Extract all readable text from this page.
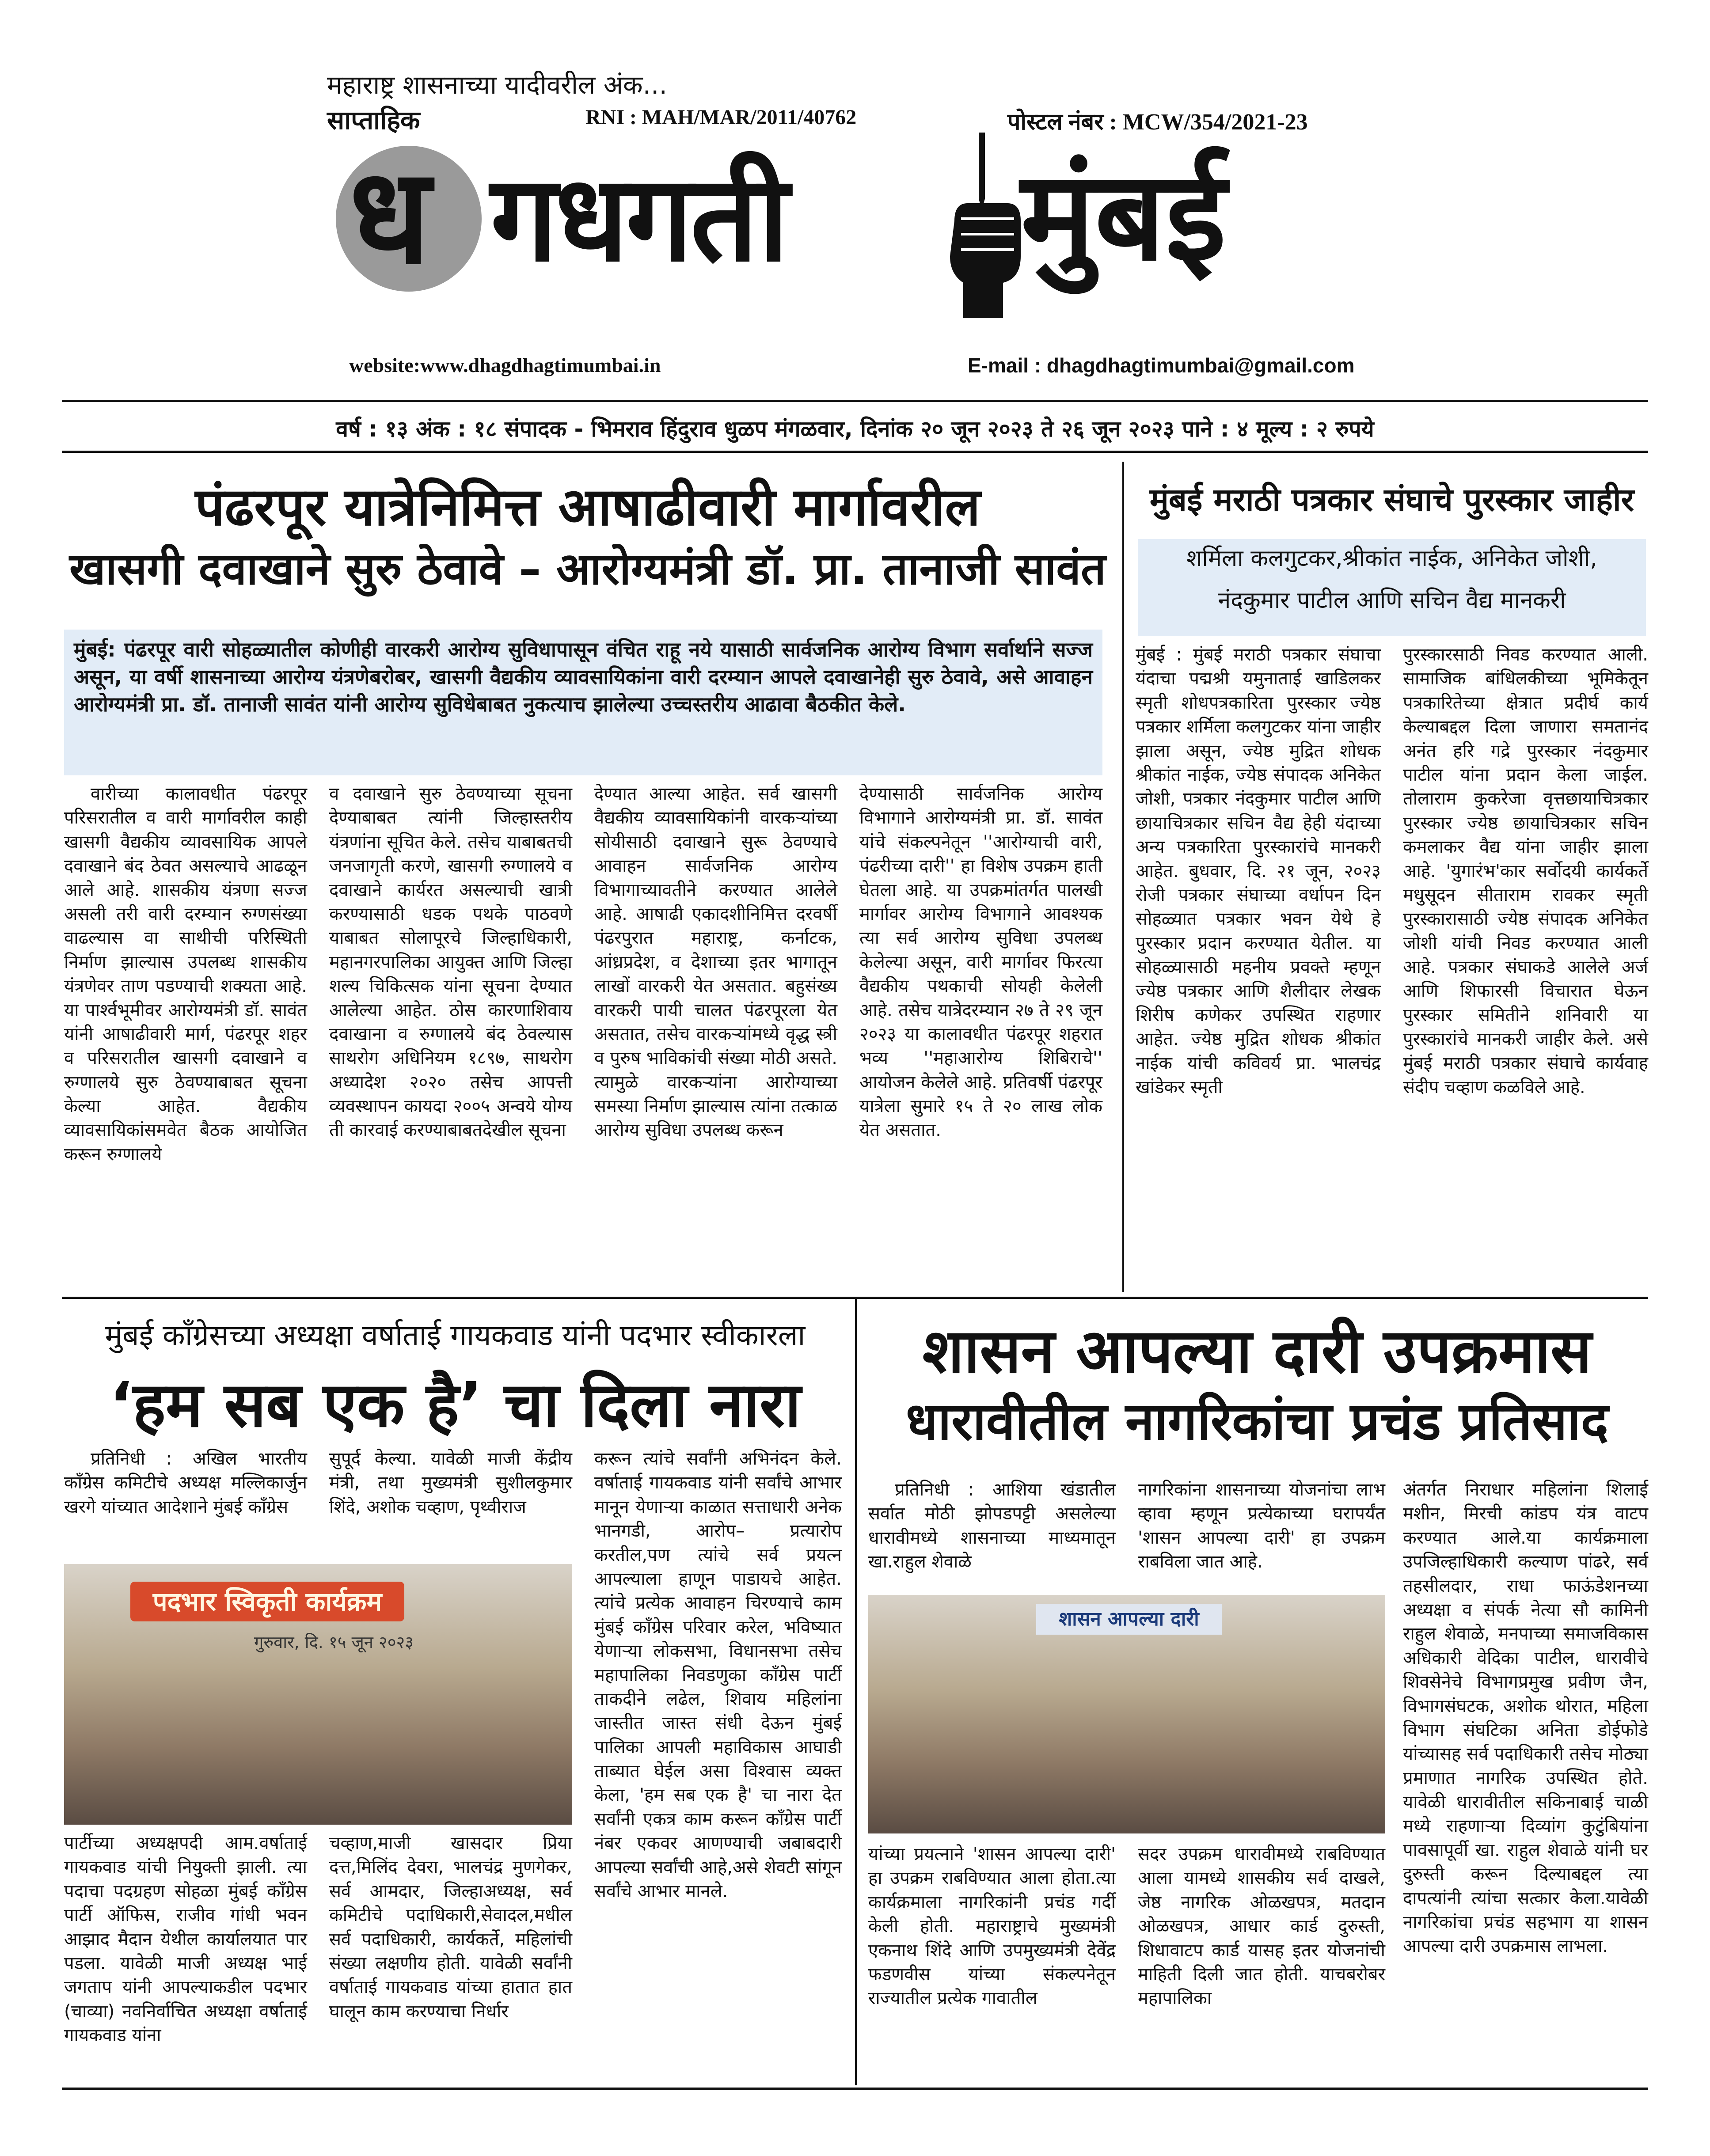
महाराष्ट्र शासनाच्या यादीवरील अंक...
साप्ताहिक	RNI : MAH/MAR/2011/40762	पोस्टल नंबर : MCW/354/2021-23
ध गधगती मुंबई
website:www.dhagdhagtimumbai.in	E-mail : dhagdhagtimumbai@gmail.com
वर्ष : १३ अंक : १८ संपादक - भिमराव हिंदुराव धुळप मंगळवार, दिनांक २० जून २०२३ ते २६ जून २०२३ पाने : ४ मूल्य : २ रुपये
पंढरपूर यात्रेनिमित्त आषाढीवारी मार्गावरील
खासगी दवाखाने सुरु ठेवावे – आरोग्यमंत्री डॉ. प्रा. तानाजी सावंत
मुंबई: पंढरपूर वारी सोहळ्यातील कोणीही वारकरी आरोग्य सुविधापासून वंचित राहू नये यासाठी सार्वजनिक आरोग्य विभाग सर्वार्थाने सज्ज असून, या वर्षी शासनाच्या आरोग्य यंत्रणेबरोबर, खासगी वैद्यकीय व्यावसायिकांना वारी दरम्यान आपले दवाखानेही सुरु ठेवावे, असे आवाहन आरोग्यमंत्री प्रा. डॉ. तानाजी सावंत यांनी आरोग्य सुविधेबाबत नुकत्याच झालेल्या उच्चस्तरीय आढावा बैठकीत केले.

वारीच्या कालावधीत पंढरपूर परिसरातील व वारी मार्गावरील काही खासगी वैद्यकीय व्यावसायिक आपले दवाखाने बंद ठेवत असल्याचे आढळून आले आहे. शासकीय यंत्रणा सज्ज असली तरी वारी दरम्यान रुग्णसंख्या वाढल्यास वा साथीची परिस्थिती निर्माण झाल्यास उपलब्ध शासकीय यंत्रणेवर ताण पडण्याची शक्यता आहे. या पार्श्वभूमीवर आरोग्यमंत्री डॉ. सावंत यांनी आषाढीवारी मार्ग, पंढरपूर शहर व परिसरातील खासगी दवाखाने व रुग्णालये सुरु ठेवण्याबाबत सूचना केल्या आहेत. वैद्यकीय व्यावसायिकांसमवेत बैठक आयोजित करून रुग्णालये

व दवाखाने सुरु ठेवण्याच्या सूचना देण्याबाबत त्यांनी जिल्हास्तरीय यंत्रणांना सूचित केले. तसेच याबाबतची जनजागृती करणे, खासगी रुग्णालये व दवाखाने कार्यरत असल्याची खात्री करण्यासाठी धडक पथके पाठवणे याबाबत सोलापूरचे जिल्हाधिकारी, महानगरपालिका आयुक्त आणि जिल्हा शल्य चिकित्सक यांना सूचना देण्यात आलेल्या आहेत. ठोस कारणाशिवाय दवाखाना व रुग्णालये बंद ठेवल्यास साथरोग अधिनियम १८९७, साथरोग अध्यादेश २०२० तसेच आपत्ती व्यवस्थापन कायदा २००५ अन्वये योग्य ती कारवाई करण्याबाबतदेखील सूचना

देण्यात आल्या आहेत. सर्व खासगी वैद्यकीय व्यावसायिकांनी वारकऱ्यांच्या सोयीसाठी दवाखाने सुरू ठेवण्याचे आवाहन सार्वजनिक आरोग्य विभागाच्यावतीने करण्यात आलेले आहे. आषाढी एकादशीनिमित्त दरवर्षी पंढरपुरात महाराष्ट्र, कर्नाटक, आंध्रप्रदेश, व देशाच्या इतर भागातून लाखों वारकरी येत असतात. बहुसंख्य वारकरी पायी चालत पंढरपूरला येत असतात, तसेच वारकऱ्यांमध्ये वृद्ध स्त्री व पुरुष भाविकांची संख्या मोठी असते. त्यामुळे वारकऱ्यांना आरोग्याच्या समस्या निर्माण झाल्यास त्यांना तत्काळ आरोग्य सुविधा उपलब्ध करून

देण्यासाठी सार्वजनिक आरोग्य विभागाने आरोग्यमंत्री प्रा. डॉ. सावंत यांचे संकल्पनेतून ''आरोग्याची वारी, पंढरीच्या दारी'' हा विशेष उपक्रम हाती घेतला आहे. या उपक्रमांतर्गत पालखी मार्गावर आरोग्य विभागाने आवश्यक त्या सर्व आरोग्य सुविधा उपलब्ध केलेल्या असून, वारी मार्गावर फिरत्या वैद्यकीय पथकाची सोयही केलेली आहे. तसेच यात्रेदरम्यान २७ ते २९ जून २०२३ या कालावधीत पंढरपूर शहरात भव्य ''महाआरोग्य शिबिराचे'' आयोजन केलेले आहे. प्रतिवर्षी पंढरपूर यात्रेला सुमारे १५ ते २० लाख लोक येत असतात.

मुंबई मराठी पत्रकार संघाचे पुरस्कार जाहीर
शर्मिला कलगुटकर,श्रीकांत नाईक, अनिकेत जोशी,
नंदकुमार पाटील आणि सचिन वैद्य मानकरी

मुंबई : मुंबई मराठी पत्रकार संघाचा यंदाचा पद्मश्री यमुनाताई खाडिलकर स्मृती शोधपत्रकारिता पुरस्कार ज्येष्ठ पत्रकार शर्मिला कलगुटकर यांना जाहीर झाला असून, ज्येष्ठ मुद्रित शोधक श्रीकांत नाईक, ज्येष्ठ संपादक अनिकेत जोशी, पत्रकार नंदकुमार पाटील आणि छायाचित्रकार सचिन वैद्य हेही यंदाच्या अन्य पत्रकारिता पुरस्कारांचे मानकरी आहेत. बुधवार, दि. २१ जून, २०२३ रोजी पत्रकार संघाच्या वर्धापन दिन सोहळ्यात पत्रकार भवन येथे हे पुरस्कार प्रदान करण्यात येतील. या सोहळ्यासाठी महनीय प्रवक्ते म्हणून ज्येष्ठ पत्रकार आणि शैलीदार लेखक शिरीष कणेकर उपस्थित राहणार आहेत. ज्येष्ठ मुद्रित शोधक श्रीकांत नाईक यांची कविवर्य प्रा. भालचंद्र खांडेकर स्मृती

पुरस्कारसाठी निवड करण्यात आली. सामाजिक बांधिलकीच्या भूमिकेतून पत्रकारितेच्या क्षेत्रात प्रदीर्घ कार्य केल्याबद्दल दिला जाणारा समतानंद अनंत हरि गद्रे पुरस्कार नंदकुमार पाटील यांना प्रदान केला जाईल. तोलाराम कुकरेजा वृत्तछायाचित्रकार पुरस्कार ज्येष्ठ छायाचित्रकार सचिन कमलाकर वैद्य यांना जाहीर झाला आहे. 'युगारंभ'कार सर्वोदयी कार्यकर्ते मधुसूदन सीताराम रावकर स्मृती पुरस्कारासाठी ज्येष्ठ संपादक अनिकेत जोशी यांची निवड करण्यात आली आहे. पत्रकार संघाकडे आलेले अर्ज आणि शिफारसी विचारात घेऊन पुरस्कार समितीने शनिवारी या पुरस्कारांचे मानकरी जाहीर केले. असे मुंबई मराठी पत्रकार संघाचे कार्यवाह संदीप चव्हाण कळविले आहे.

मुंबई काँग्रेसच्या अध्यक्षा वर्षाताई गायकवाड यांनी पदभार स्वीकारला
‘हम सब एक है’ चा दिला नारा

प्रतिनिधी : अखिल भारतीय काँग्रेस कमिटीचे अध्यक्ष मल्लिकार्जुन खरगे यांच्यात आदेशाने मुंबई काँग्रेस

सुपूर्द केल्या. यावेळी माजी केंद्रीय मंत्री, तथा मुख्यमंत्री सुशीलकुमार शिंदे, अशोक चव्हाण, पृथ्वीराज

पदभार स्विकृती कार्यक्रम
गुरुवार, दि. १५ जून २०२३

पार्टीच्या अध्यक्षपदी आम.वर्षाताई गायकवाड यांची नियुक्ती झाली. त्या पदाचा पदग्रहण सोहळा मुंबई काँग्रेस पार्टी ऑफिस, राजीव गांधी भवन आझाद मैदान येथील कार्यालयात पार पडला. यावेळी माजी अध्यक्ष भाई जगताप यांनी आपल्याकडील पदभार (चाव्या) नवनिर्वाचित अध्यक्षा वर्षाताई गायकवाड यांना

चव्हाण,माजी खासदार प्रिया दत्त,मिलिंद देवरा, भालचंद्र मुणगेकर, सर्व आमदार, जिल्हाअध्यक्ष, सर्व कमिटीचे पदाधिकारी,सेवादल,मधील सर्व पदाधिकारी, कार्यकर्ते, महिलांची संख्या लक्षणीय होती. यावेळी सर्वांनी वर्षाताई गायकवाड यांच्या हातात हात घालून काम करण्याचा निर्धार

करून त्यांचे सर्वांनी अभिनंदन केले. वर्षाताई गायकवाड यांनी सर्वांचे आभार मानून येणाऱ्या काळात सत्ताधारी अनेक भानगडी, आरोप– प्रत्यारोप करतील,पण त्यांचे सर्व प्रयत्न आपल्याला हाणून पाडायचे आहेत. त्यांचे प्रत्येक आवाहन चिरण्याचे काम मुंबई काँग्रेस परिवार करेल, भविष्यात येणाऱ्या लोकसभा, विधानसभा तसेच महापालिका निवडणुका काँग्रेस पार्टी ताकदीने लढेल, शिवाय महिलांना जास्तीत जास्त संधी देऊन मुंबई पालिका आपली महाविकास आघाडी ताब्यात घेईल असा विश्वास व्यक्त केला, 'हम सब एक है' चा नारा देत सर्वांनी एकत्र काम करून काँग्रेस पार्टी नंबर एकवर आणण्याची जबाबदारी आपल्या सर्वांची आहे,असे शेवटी सांगून सर्वांचे आभार मानले.

शासन आपल्या दारी उपक्रमास
धारावीतील नागरिकांचा प्रचंड प्रतिसाद

प्रतिनिधी : आशिया खंडातील सर्वात मोठी झोपडपट्टी असलेल्या धारावीमध्ये शासनाच्या माध्यमातून खा.राहुल शेवाळे

नागरिकांना शासनाच्या योजनांचा लाभ व्हावा म्हणून प्रत्येकाच्या घरापर्यंत 'शासन आपल्या दारी' हा उपक्रम राबविला जात आहे.

शासन आपल्या दारी

यांच्या प्रयत्नाने 'शासन आपल्या दारी' हा उपक्रम राबविण्यात आला होता.त्या कार्यक्रमाला नागरिकांनी प्रचंड गर्दी केली होती. महाराष्ट्राचे मुख्यमंत्री एकनाथ शिंदे आणि उपमुख्यमंत्री देवेंद्र फडणवीस यांच्या संकल्पनेतून राज्यातील प्रत्येक गावातील

सदर उपक्रम धारावीमध्ये राबविण्यात आला यामध्ये शासकीय सर्व दाखले, जेष्ठ नागरिक ओळखपत्र, मतदान ओळखपत्र, आधार कार्ड दुरुस्ती, शिधावाटप कार्ड यासह इतर योजनांची माहिती दिली जात होती. याचबरोबर महापालिका

अंतर्गत निराधार महिलांना शिलाई मशीन, मिरची कांडप यंत्र वाटप करण्यात आले.या कार्यक्रमाला उपजिल्हाधिकारी कल्याण पांढरे, सर्व तहसीलदार, राधा फाऊंडेशनच्या अध्यक्षा व संपर्क नेत्या सौ कामिनी राहुल शेवाळे, मनपाच्या समाजविकास अधिकारी वेदिका पाटील, धारावीचे शिवसेनेचे विभागप्रमुख प्रवीण जैन, विभागसंघटक, अशोक थोरात, महिला विभाग संघटिका अनिता डोईफोडे यांच्यासह सर्व पदाधिकारी तसेच मोठ्या प्रमाणात नागरिक उपस्थित होते. यावेळी धारावीतील सकिनाबाई चाळी मध्ये राहणाऱ्या दिव्यांग कुटुंबियांना पावसापूर्वी खा. राहुल शेवाळे यांनी घर दुरुस्ती करून दिल्याबद्दल त्या दापत्यांनी त्यांचा सत्कार केला.यावेळी नागरिकांचा प्रचंड सहभाग या शासन आपल्या दारी उपक्रमास लाभला.
